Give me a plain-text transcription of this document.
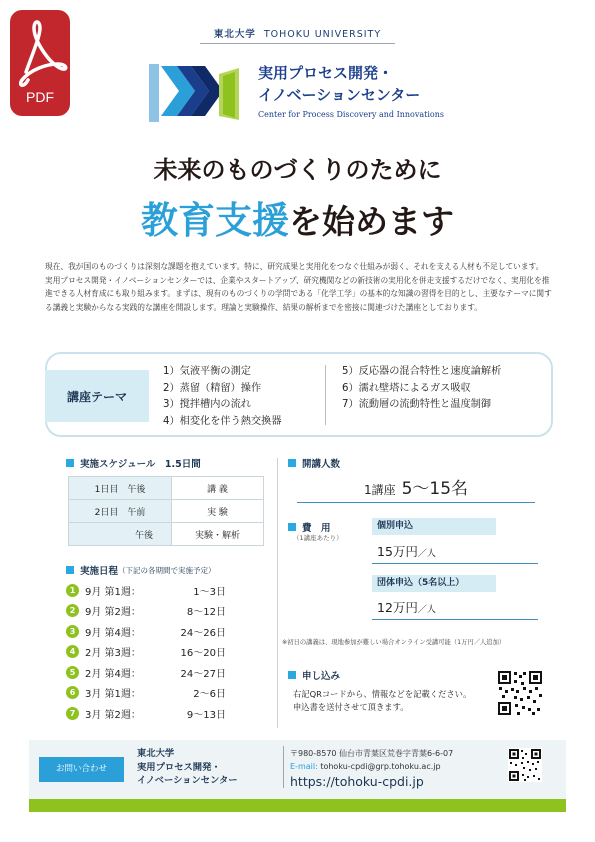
PDF
東北大学 TOHOKU UNIVERSITY
実用プロセス開発・
イノベーションセンター
Center for Process Discovery and Innovations
未来のものづくりのために
教育支援を始めます

現在、我が国のものづくりは深刻な課題を抱えています。特に、研究成果と実用化をつなぐ仕組みが弱く、それを支える人材も不足しています。

実用プロセス開発・イノベーションセンターでは、企業やスタートアップ、研究機関などの新技術の実用化を併走支援するだけでなく、実用化を推進できる人材育成にも取り組みます。まずは、現有のものづくりの学問である「化学工学」の基本的な知識の習得を目的とし、主要なテーマに関する講義と実験からなる実践的な講座を開設します。理論と実験操作、結果の解析までを密接に関連づけた講座としております。

講座テーマ
1）気液平衡の測定
2）蒸留（精留）操作
3）撹拌槽内の流れ
4）相変化を伴う熱交換器
5）反応器の混合特性と速度論解析
6）濡れ壁塔によるガス吸収
7）流動層の流動特性と温度制御
実施スケジュール　1.5日間
1日目　午後	講 義
2日目　午前	実 験
午後	実験・解析
実施日程 （下記の各期間で実施予定）
1 9月 第1週：	1〜3日
2 9月 第2週：	8〜12日
3 9月 第4週：	24〜26日
4 2月 第3週：	16〜20日
5 2月 第4週：	24〜27日
6 3月 第1週：	2〜6日
7 3月 第2週：	9〜13日
開講人数
1講座 5〜15名
費　用
（1講座あたり）
個別申込
15万円／人
団体申込（5名以上）
12万円／人
※初日の講義は、現地参加が難しい場合オンライン受講可能（1万円／人追加）
申し込み
右記QRコードから、情報などを記載ください。
申込書を送付させて頂きます。
お問い合わせ
東北大学
実用プロセス開発・
イノベーションセンター
〒980-8570 仙台市青葉区荒巻字青葉6-6-07
E-mail: tohoku-cpdi@grp.tohoku.ac.jp
https://tohoku-cpdi.jp
